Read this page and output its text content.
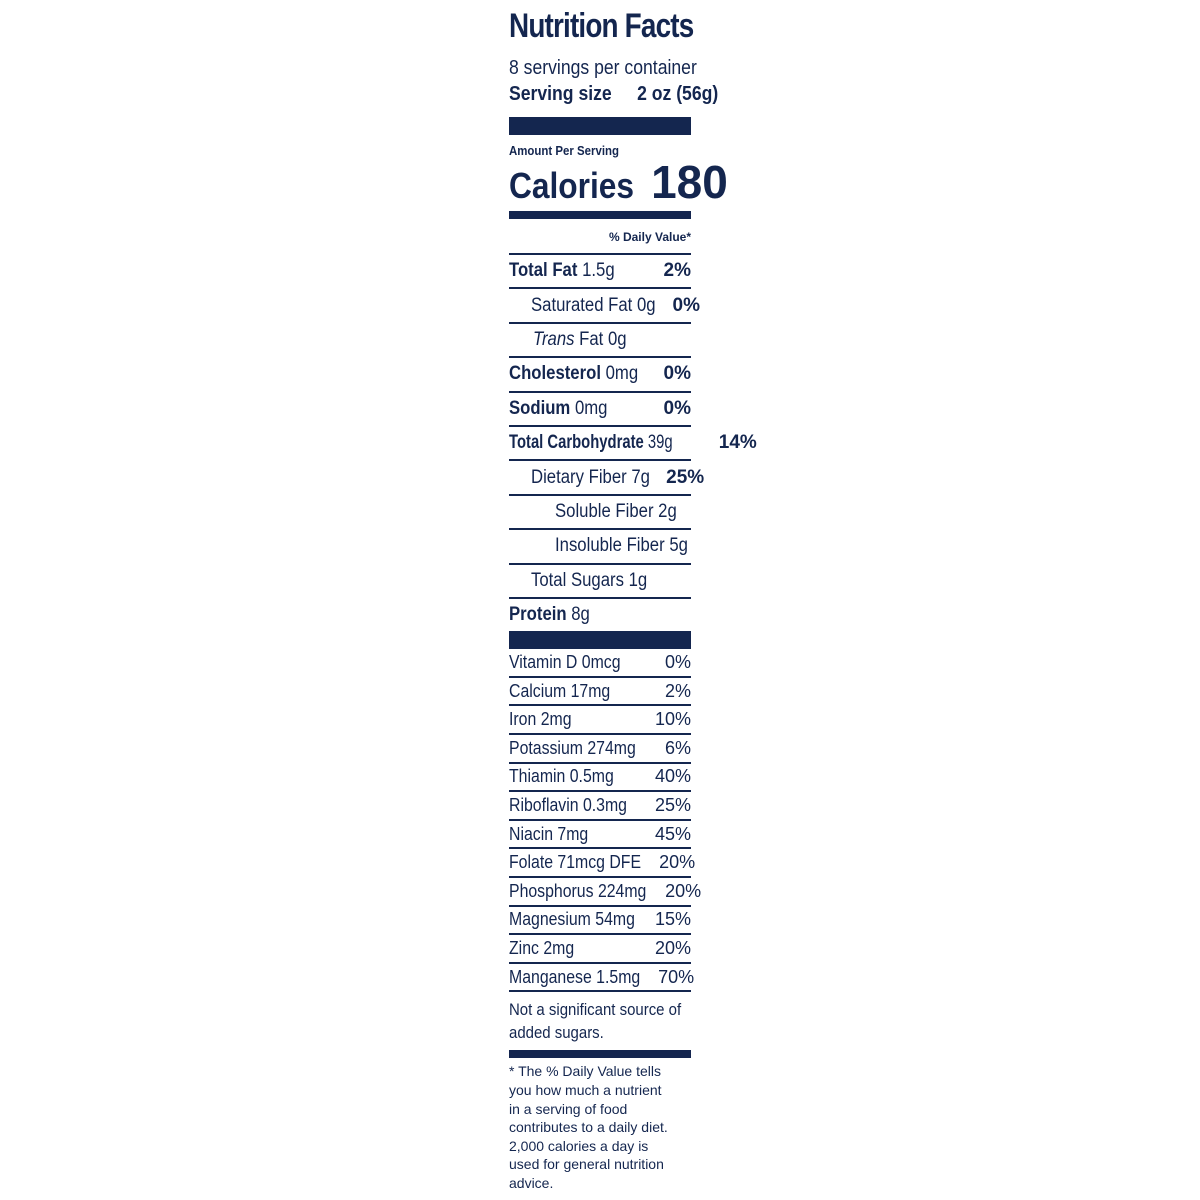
Nutrition Facts
8 servings per container
Serving size 2 oz (56g)
Amount Per Serving
Calories 180
% Daily Value*
Total Fat 1.5g	2%
Saturated Fat 0g 0%
Trans Fat 0g
Cholesterol 0mg 0%
Sodium 0mg	0%
Total Carbohydrate 39g 14%
Dietary Fiber 7g 25%
Soluble Fiber 2g
Insoluble Fiber 5g
Total Sugars 1g
Protein 8g
Vitamin D 0mcg 0%
Calcium 17mg	2%
Iron 2mg	10%
Potassium 274mg 6%
Thiamin 0.5mg 40%
Riboflavin 0.3mg 25%
Niacin 7mg	45%
Folate 71mcg DFE 20%
Phosphorus 224mg 20%
Magnesium 54mg 15%
Zinc 2mg	20%
Manganese 1.5mg 70%
Not a significant source of
added sugars.
* The % Daily Value tells
you how much a nutrient
in a serving of food
contributes to a daily diet.
2,000 calories a day is
used for general nutrition
advice.
